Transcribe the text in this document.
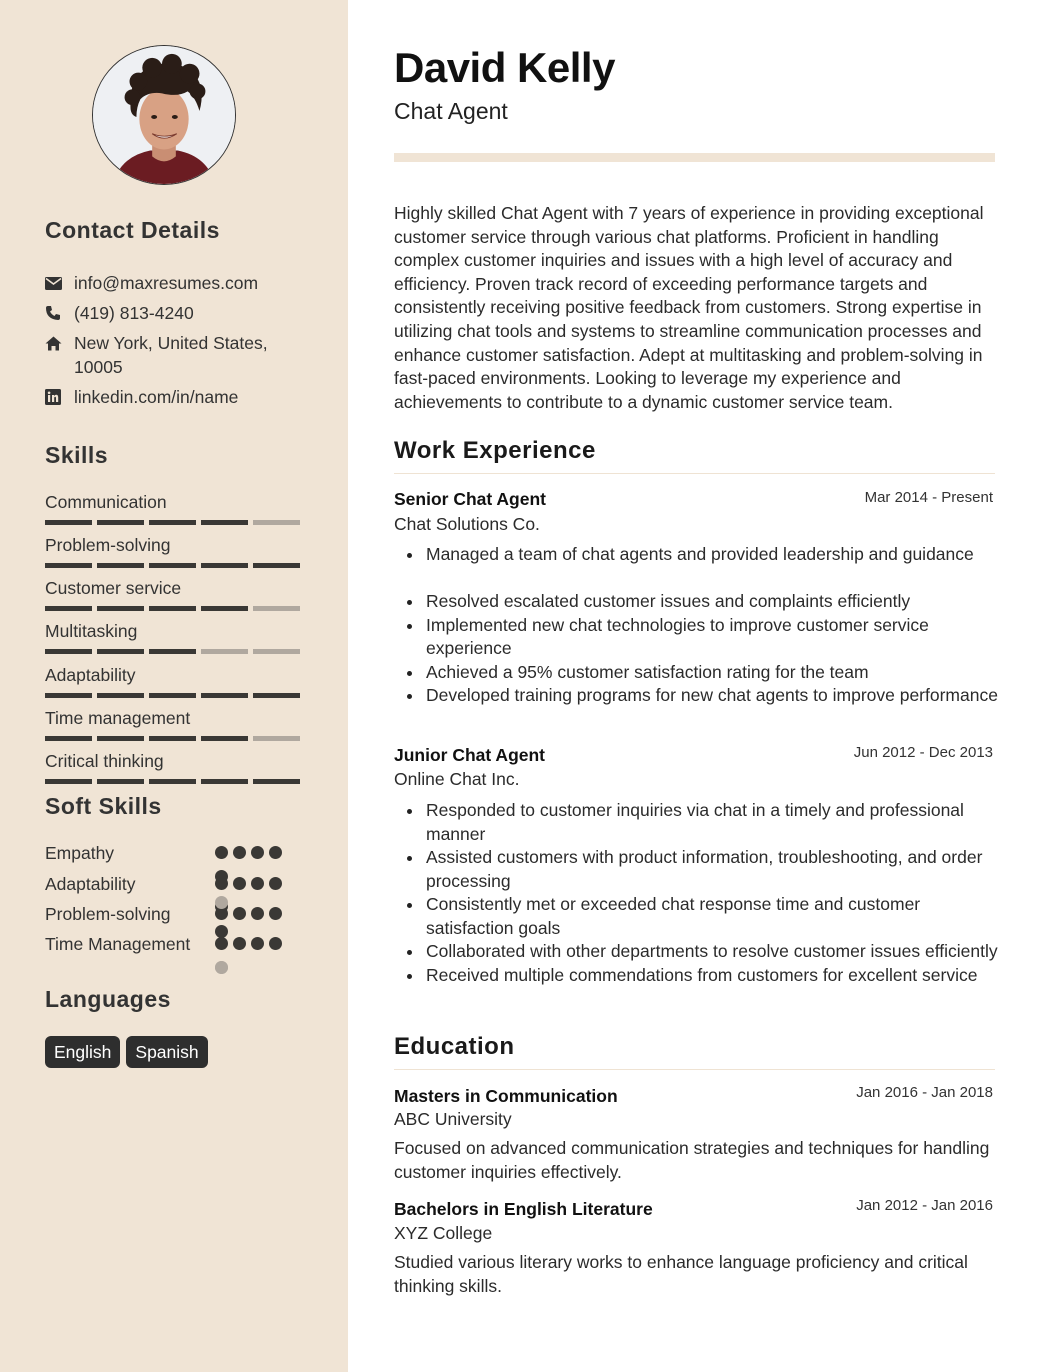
Contact Details
info@maxresumes.com
(419) 813-4240
New York, United States,
10005
linkedin.com/in/name
Skills
Communication
Problem-solving
Customer service
Multitasking
Adaptability
Time management
Critical thinking
Soft Skills
Empathy
Adaptability
Problem-solving
Time Management
Languages
English	Spanish
David Kelly
Chat Agent
Highly skilled Chat Agent with 7 years of experience in providing exceptional customer service through various chat platforms. Proficient in handling complex customer inquiries and issues with a high level of accuracy and efficiency. Proven track record of exceeding performance targets and consistently receiving positive feedback from customers. Strong expertise in utilizing chat tools and systems to streamline communication processes and enhance customer satisfaction. Adept at multitasking and problem-solving in fast-paced environments. Looking to leverage my experience and achievements to contribute to a dynamic customer service team.
Work Experience
Senior Chat Agent	Mar 2014 - Present
Chat Solutions Co.
Managed a team of chat agents and provided leadership and guidance
Resolved escalated customer issues and complaints efficiently
Implemented new chat technologies to improve customer service experience
Achieved a 95% customer satisfaction rating for the team
Developed training programs for new chat agents to improve performance
Junior Chat Agent	Jun 2012 - Dec 2013
Online Chat Inc.
Responded to customer inquiries via chat in a timely and professional manner
Assisted customers with product information, troubleshooting, and order processing
Consistently met or exceeded chat response time and customer satisfaction goals
Collaborated with other departments to resolve customer issues efficiently
Received multiple commendations from customers for excellent service
Education
Masters in Communication	Jan 2016 - Jan 2018
ABC University
Focused on advanced communication strategies and techniques for handling customer inquiries effectively.
Bachelors in English Literature	Jan 2012 - Jan 2016
XYZ College
Studied various literary works to enhance language proficiency and critical thinking skills.
